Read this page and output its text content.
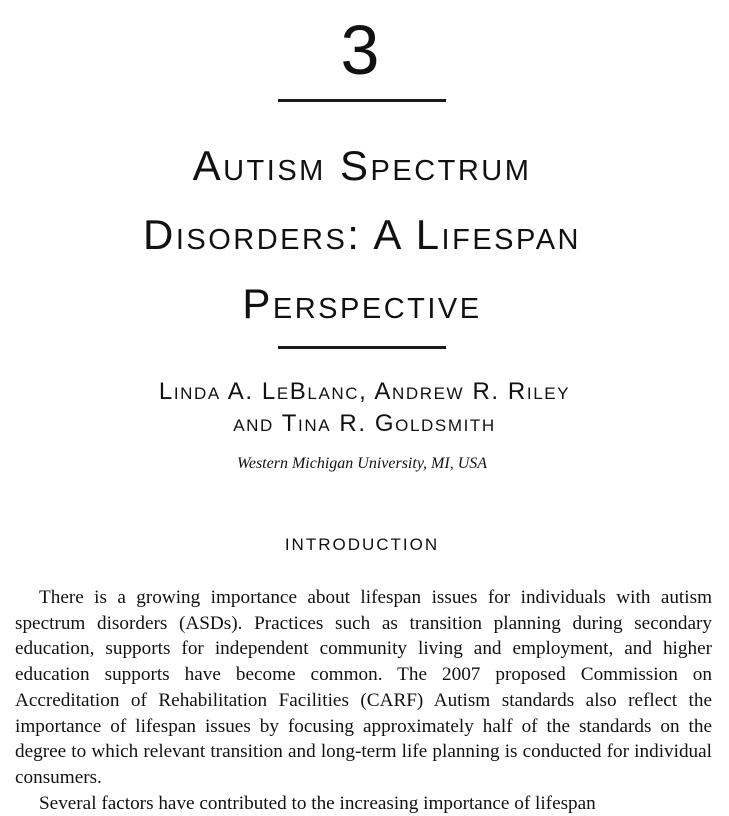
3
Autism Spectrum
Disorders: A Lifespan
Perspective
Linda A. LeBlanc, Andrew R. Riley
and Tina R. Goldsmith
Western Michigan University, MI, USA
INTRODUCTION

There is a growing importance about lifespan issues for individuals with autism spectrum disorders (ASDs). Practices such as transition planning during secondary education, supports for independent community living and employment, and higher education supports have become common. The 2007 proposed Commission on Accreditation of Rehabilitation Facilities (CARF) Autism standards also reflect the importance of lifespan issues by focusing approximately half of the standards on the degree to which relevant transition and long-term life planning is conducted for individual consumers.

Several factors have contributed to the increasing importance of lifespan
